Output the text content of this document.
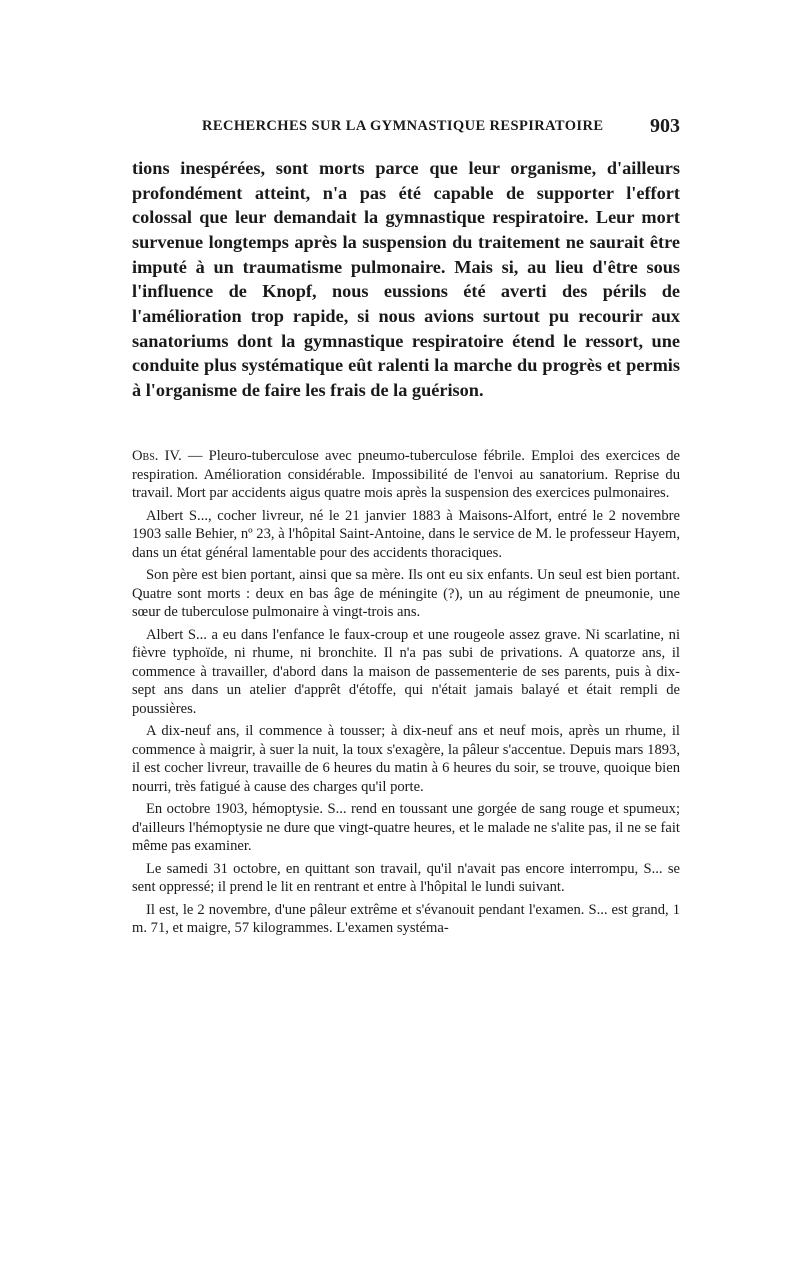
RECHERCHES SUR LA GYMNASTIQUE RESPIRATOIRE 903

tions inespérées, sont morts parce que leur organisme, d'ailleurs profondément atteint, n'a pas été capable de supporter l'effort colossal que leur demandait la gymnastique respiratoire. Leur mort survenue longtemps après la suspension du traitement ne saurait être imputé à un traumatisme pulmonaire. Mais si, au lieu d'être sous l'influence de Knopf, nous eussions été averti des périls de l'amélioration trop rapide, si nous avions surtout pu recourir aux sanatoriums dont la gymnastique respiratoire étend le ressort, une conduite plus systématique eût ralenti la marche du progrès et permis à l'organisme de faire les frais de la guérison.

Obs. IV. — Pleuro-tuberculose avec pneumo-tuberculose fébrile. Emploi des exercices de respiration. Amélioration considérable. Impossibilité de l'envoi au sanatorium. Reprise du travail. Mort par accidents aigus quatre mois après la suspension des exercices pulmonaires.

Albert S..., cocher livreur, né le 21 janvier 1883 à Maisons-Alfort, entré le 2 novembre 1903 salle Behier, nº 23, à l'hôpital Saint-Antoine, dans le service de M. le professeur Hayem, dans un état général lamentable pour des accidents thoraciques.

Son père est bien portant, ainsi que sa mère. Ils ont eu six enfants. Un seul est bien portant. Quatre sont morts : deux en bas âge de méningite (?), un au régiment de pneumonie, une sœur de tuberculose pulmonaire à vingt-trois ans.

Albert S... a eu dans l'enfance le faux-croup et une rougeole assez grave. Ni scarlatine, ni fièvre typhoïde, ni rhume, ni bronchite. Il n'a pas subi de privations. A quatorze ans, il commence à travailler, d'abord dans la maison de passementerie de ses parents, puis à dix-sept ans dans un atelier d'apprêt d'étoffe, qui n'était jamais balayé et était rempli de poussières.

A dix-neuf ans, il commence à tousser; à dix-neuf ans et neuf mois, après un rhume, il commence à maigrir, à suer la nuit, la toux s'exagère, la pâleur s'accentue. Depuis mars 1893, il est cocher livreur, travaille de 6 heures du matin à 6 heures du soir, se trouve, quoique bien nourri, très fatigué à cause des charges qu'il porte.

En octobre 1903, hémoptysie. S... rend en toussant une gorgée de sang rouge et spumeux; d'ailleurs l'hémoptysie ne dure que vingt-quatre heures, et le malade ne s'alite pas, il ne se fait même pas examiner.

Le samedi 31 octobre, en quittant son travail, qu'il n'avait pas encore interrompu, S... se sent oppressé; il prend le lit en rentrant et entre à l'hôpital le lundi suivant.

Il est, le 2 novembre, d'une pâleur extrême et s'évanouit pendant l'examen. S... est grand, 1 m. 71, et maigre, 57 kilogrammes. L'examen systéma-
